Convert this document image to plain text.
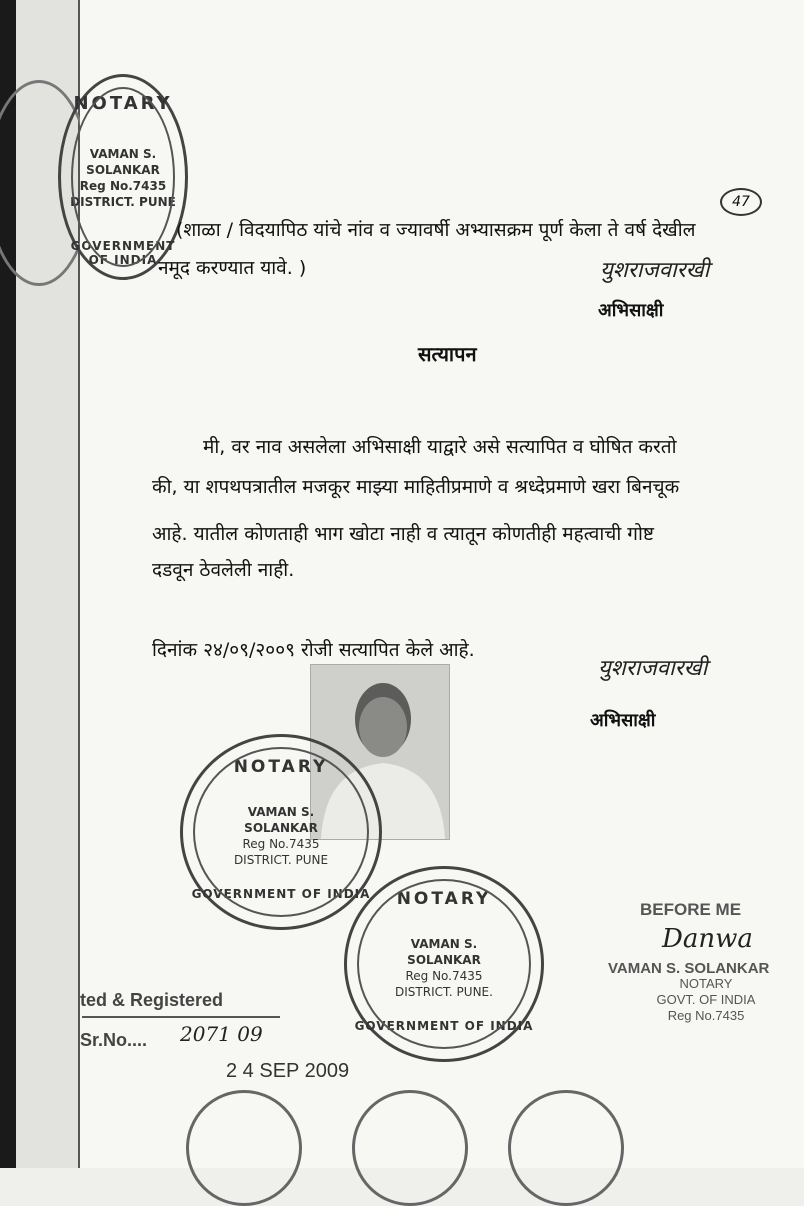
NOTARY
VAMAN S.
SOLANKAR
Reg No.7435
DISTRICT. PUNE
GOVERNMENT OF INDIA
47
(शाळा / विदयापिठ यांचे नांव व ज्यावर्षी अभ्यासक्रम पूर्ण केला ते वर्ष देखील
नमूद करण्यात यावे. )	युशराजवारखी
अभिसाक्षी
सत्यापन
मी, वर नाव असलेला अभिसाक्षी याद्वारे असे सत्यापित व घोषित करतो
की, या शपथपत्रातील मजकूर माझ्या माहितीप्रमाणे व श्रध्देप्रमाणे खरा बिनचूक
आहे. यातील कोणताही भाग खोटा नाही व त्यातून कोणतीही महत्वाची गोष्ट
दडवून ठेवलेली नाही.
दिनांक २४/०९/२००९ रोजी सत्यापित केले आहे.
युशराजवारखी
अभिसाक्षी
NOTARY
VAMAN S.
SOLANKAR
Reg No.7435
DISTRICT. PUNE
GOVERNMENT OF INDIA	NOTARY
VAMAN S.
SOLANKAR
Reg No.7435
DISTRICT. PUNE.
GOVERNMENT OF INDIA
BEFORE ME
Danwa
VAMAN S. SOLANKAR
NOTARY
GOVT. OF INDIA
Reg No.7435
ted & Registered
Sr.No.... 2071 09
2 4 SEP 2009
